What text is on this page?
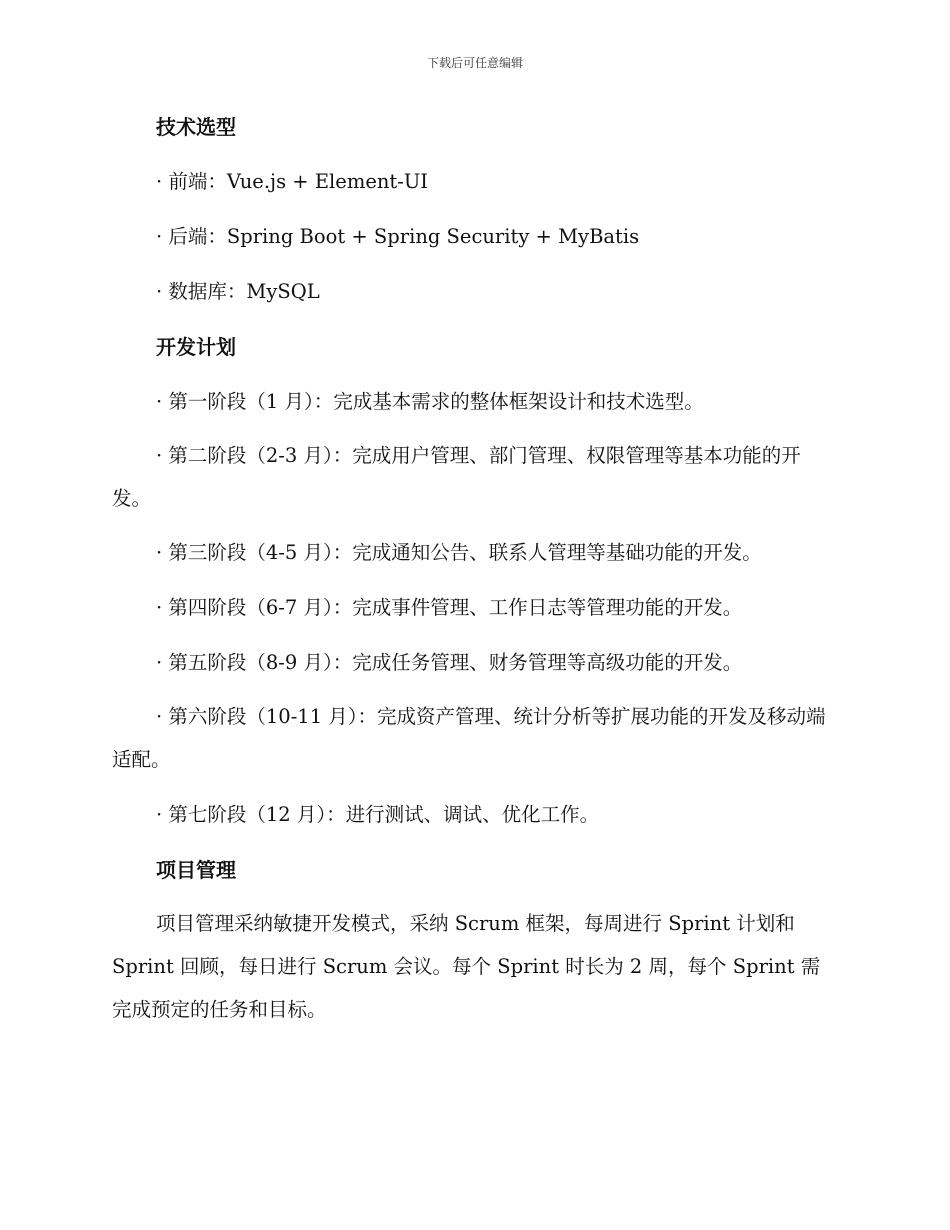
下载后可任意编辑
技术选型
· 前端：Vue.js + Element-UI
· 后端：Spring Boot + Spring Security + MyBatis
· 数据库：MySQL
开发计划
· 第一阶段（1 月）：完成基本需求的整体框架设计和技术选型。
· 第二阶段（2-3 月）：完成用户管理、部门管理、权限管理等基本功能的开发。
· 第三阶段（4-5 月）：完成通知公告、联系人管理等基础功能的开发。
· 第四阶段（6-7 月）：完成事件管理、工作日志等管理功能的开发。
· 第五阶段（8-9 月）：完成任务管理、财务管理等高级功能的开发。
· 第六阶段（10-11 月）：完成资产管理、统计分析等扩展功能的开发及移动端适配。
· 第七阶段（12 月）：进行测试、调试、优化工作。
项目管理
项目管理采纳敏捷开发模式，采纳 Scrum 框架，每周进行 Sprint 计划和 Sprint 回顾，每日进行 Scrum 会议。每个 Sprint 时长为 2 周，每个 Sprint 需完成预定的任务和目标。
